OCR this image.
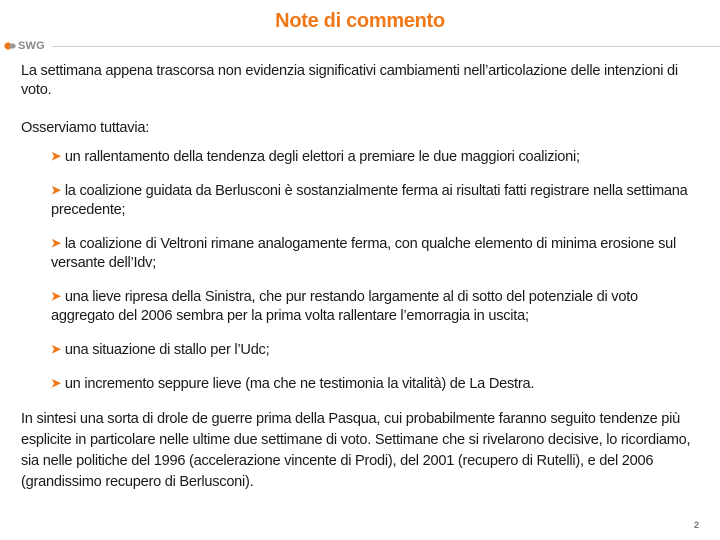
Note di commento
SWG

La settimana appena trascorsa non evidenzia significativi cambiamenti nell’articolazione delle intenzioni di voto.

Osserviamo tuttavia:

➤ un rallentamento della tendenza degli elettori a premiare le due maggiori coalizioni;
➤ la coalizione guidata da Berlusconi è sostanzialmente ferma ai risultati fatti registrare nella settimana precedente;
➤ la coalizione di Veltroni rimane analogamente ferma, con qualche elemento di minima erosione sul versante dell’Idv;
➤ una lieve ripresa della Sinistra, che pur restando largamente al di sotto del potenziale di voto aggregato del 2006 sembra per la prima volta rallentare l’emorragia in uscita;
➤ una situazione di stallo per l’Udc;
➤ un incremento seppure lieve (ma che ne testimonia la vitalità) de La Destra.

In sintesi una sorta di drole de guerre prima della Pasqua, cui probabilmente faranno seguito tendenze più esplicite in particolare nelle ultime due settimane di voto. Settimane che si rivelarono decisive, lo ricordiamo, sia nelle politiche del 1996 (accelerazione vincente di Prodi), del 2001 (recupero di Rutelli), e del 2006 (grandissimo recupero di Berlusconi).

2
